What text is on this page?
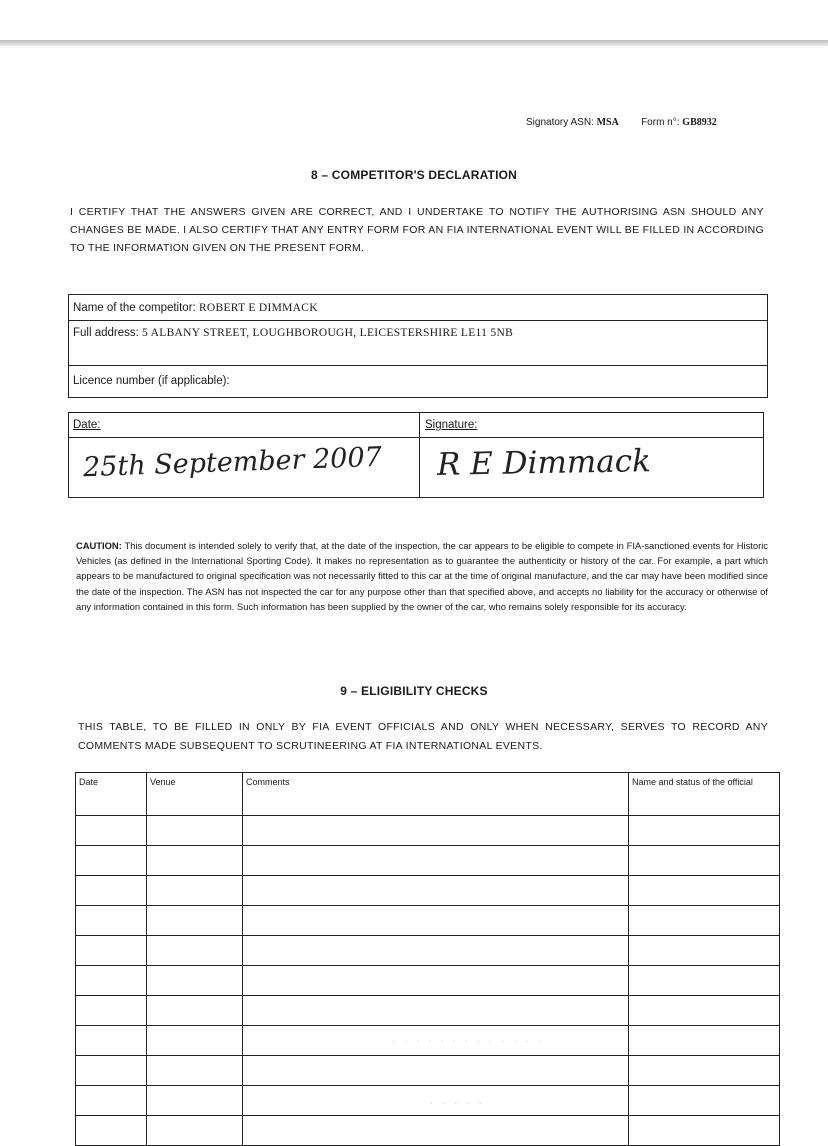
Signatory ASN: MSA Form n°: GB8932
8 – COMPETITOR'S DECLARATION
I CERTIFY THAT THE ANSWERS GIVEN ARE CORRECT, AND I UNDERTAKE TO NOTIFY THE AUTHORISING ASN SHOULD ANY CHANGES BE MADE. I ALSO CERTIFY THAT ANY ENTRY FORM FOR AN FIA INTERNATIONAL EVENT WILL BE FILLED IN ACCORDING TO THE INFORMATION GIVEN ON THE PRESENT FORM.
Name of the competitor: ROBERT E DIMMACK
Full address: 5 ALBANY STREET, LOUGHBOROUGH, LEICESTERSHIRE LE11 5NB
Licence number (if applicable):
Date:	Signature:
25th September 2007 R E Dimmack
CAUTION: This document is intended solely to verify that, at the date of the inspection, the car appears to be eligible to compete in FIA-sanctioned events for Historic Vehicles (as defined in the International Sporting Code). It makes no representation as to guarantee the authenticity or history of the car. For example, a part which appears to be manufactured to original specification was not necessarily fitted to this car at the time of original manufacture, and the car may have been modified since the date of the inspection. The ASN has not inspected the car for any purpose other than that specified above, and accepts no liability for the accuracy or otherwise of any information contained in this form. Such information has been supplied by the owner of the car, who remains solely responsible for its accuracy.
9 – ELIGIBILITY CHECKS
THIS TABLE, TO BE FILLED IN ONLY BY FIA EVENT OFFICIALS AND ONLY WHEN NECESSARY, SERVES TO RECORD ANY COMMENTS MADE SUBSEQUENT TO SCRUTINEERING AT FIA INTERNATIONAL EVENTS.
Date	Venue	Comments	Name and status of the official

· · · · · · · · · · · · ·
· · · · ·
